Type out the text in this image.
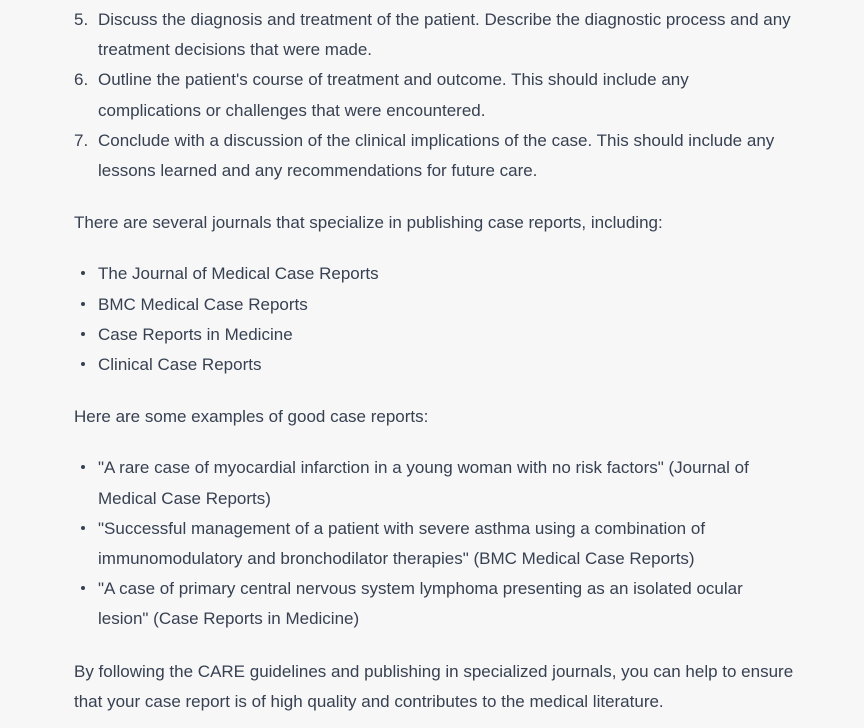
5. Discuss the diagnosis and treatment of the patient. Describe the diagnostic process and any treatment decisions that were made.
6. Outline the patient's course of treatment and outcome. This should include any complications or challenges that were encountered.
7. Conclude with a discussion of the clinical implications of the case. This should include any lessons learned and any recommendations for future care.

There are several journals that specialize in publishing case reports, including:

The Journal of Medical Case Reports
BMC Medical Case Reports
Case Reports in Medicine
Clinical Case Reports

Here are some examples of good case reports:

"A rare case of myocardial infarction in a young woman with no risk factors" (Journal of Medical Case Reports)
"Successful management of a patient with severe asthma using a combination of immunomodulatory and bronchodilator therapies" (BMC Medical Case Reports)
"A case of primary central nervous system lymphoma presenting as an isolated ocular lesion" (Case Reports in Medicine)

By following the CARE guidelines and publishing in specialized journals, you can help to ensure that your case report is of high quality and contributes to the medical literature.
